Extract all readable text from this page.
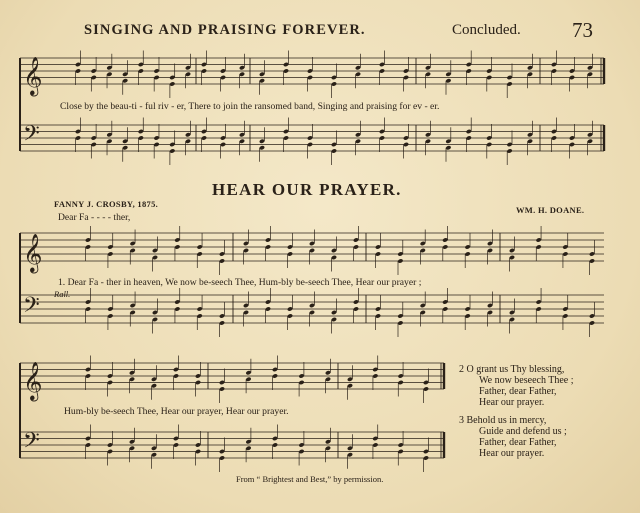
SINGING AND PRAISING FOREVER.	Concluded. 73
𝄞
𝄢
𝄞
𝄢
𝄞
𝄢
Close by the beau-ti - ful riv - er, There to join the ransomed band, Singing and praising for ev - er.
HEAR OUR PRAYER.
FANNY J. CROSBY, 1875.
WM. H. DOANE.
Dear Fa - - - - ther,
1. Dear Fa - ther in heaven, We now be-seech Thee, Hum-bly be-seech Thee, Hear our prayer ;
Rall.
Hum-bly be-seech Thee, Hear our prayer, Hear our prayer.
2 O grant us Thy blessing,
We now beseech Thee ;
Father, dear Father,
Hear our prayer.
3 Behold us in mercy,
Guide and defend us ;
Father, dear Father,
Hear our prayer.
From “ Brightest and Best,” by permission.
